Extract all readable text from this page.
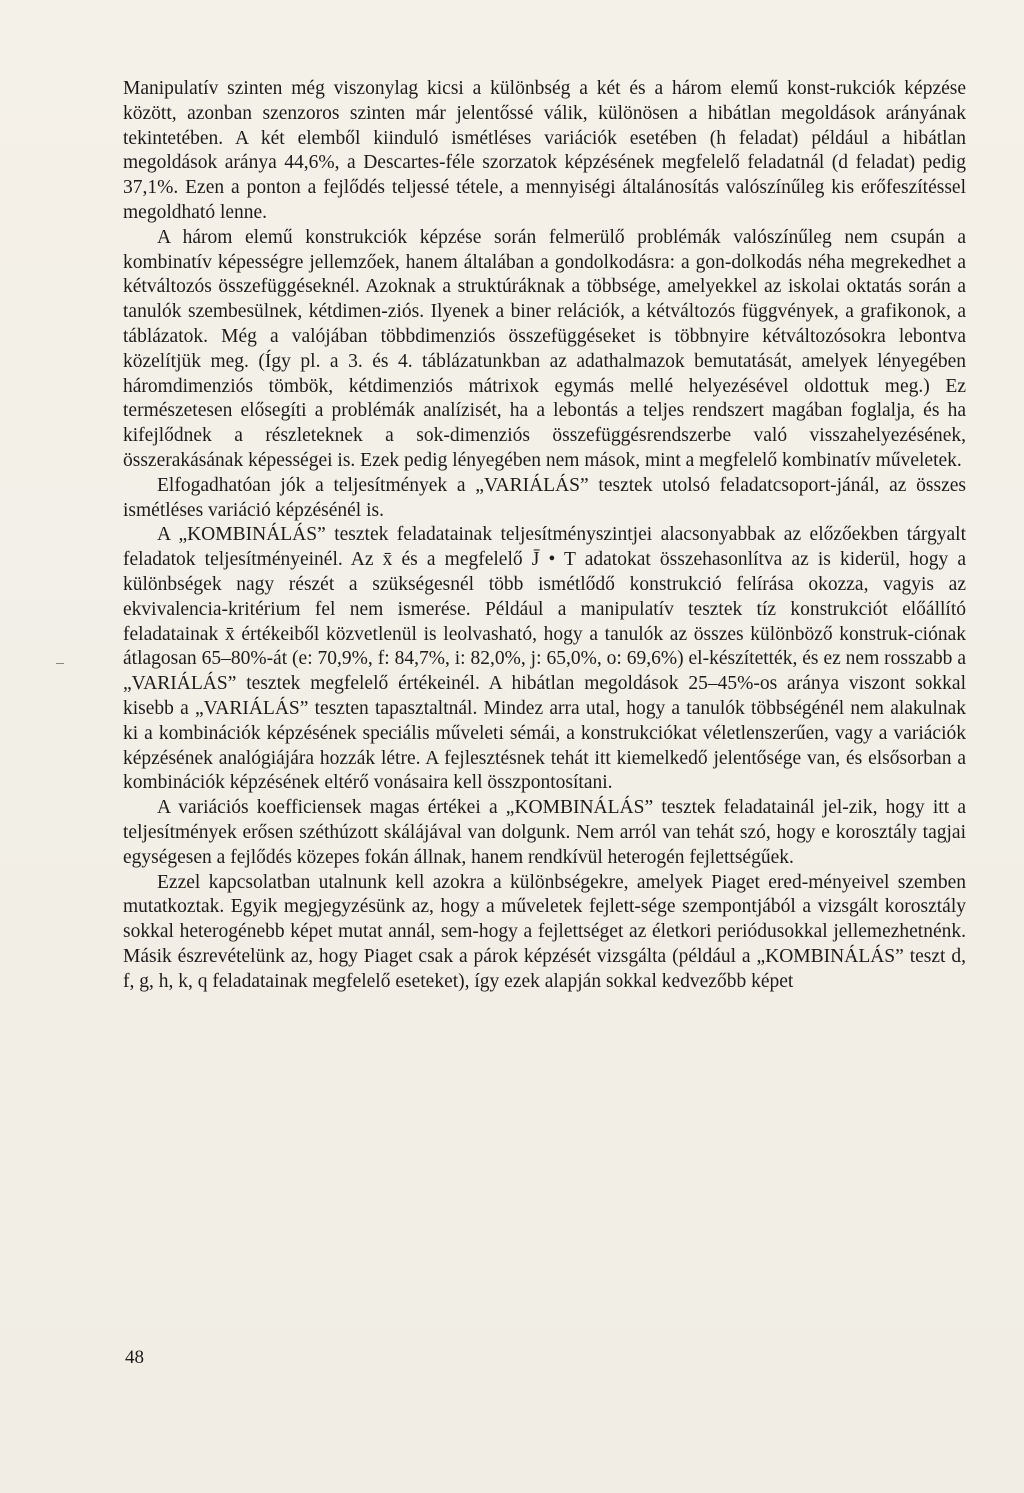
Manipulatív szinten még viszonylag kicsi a különbség a két és a három elemű konst-rukciók képzése között, azonban szenzoros szinten már jelentőssé válik, különösen a hibátlan megoldások arányának tekintetében. A két elemből kiinduló ismétléses variációk esetében (h feladat) például a hibátlan megoldások aránya 44,6%, a Descartes-féle szorzatok képzésének megfelelő feladatnál (d feladat) pedig 37,1%. Ezen a ponton a fejlődés teljessé tétele, a mennyiségi általánosítás valószínűleg kis erőfeszítéssel megoldható lenne.

A három elemű konstrukciók képzése során felmerülő problémák valószínűleg nem csupán a kombinatív képességre jellemzőek, hanem általában a gondolkodásra: a gon-dolkodás néha megrekedhet a kétváltozós összefüggéseknél. Azoknak a struktúráknak a többsége, amelyekkel az iskolai oktatás során a tanulók szembesülnek, kétdimen-ziós. Ilyenek a biner relációk, a kétváltozós függvények, a grafikonok, a táblázatok. Még a valójában többdimenziós összefüggéseket is többnyire kétváltozósokra lebontva közelítjük meg. (Így pl. a 3. és 4. táblázatunkban az adathalmazok bemutatását, amelyek lényegében háromdimenziós tömbök, kétdimenziós mátrixok egymás mellé helyezésével oldottuk meg.) Ez természetesen elősegíti a problémák analízisét, ha a lebontás a teljes rendszert magában foglalja, és ha kifejlődnek a részleteknek a sok-dimenziós összefüggésrendszerbe való visszahelyezésének, összerakásának képességei is. Ezek pedig lényegében nem mások, mint a megfelelő kombinatív műveletek.

Elfogadhatóan jók a teljesítmények a „VARIÁLÁS” tesztek utolsó feladatcsoport-jánál, az összes ismétléses variáció képzésénél is.

A „KOMBINÁLÁS” tesztek feladatainak teljesítményszintjei alacsonyabbak az előzőekben tárgyalt feladatok teljesítményeinél. Az x̄ és a megfelelő J̄ • T adatokat összehasonlítva az is kiderül, hogy a különbségek nagy részét a szükségesnél több ismétlődő konstrukció felírása okozza, vagyis az ekvivalencia-kritérium fel nem ismerése. Például a manipulatív tesztek tíz konstrukciót előállító feladatainak x̄ értékeiből közvetlenül is leolvasható, hogy a tanulók az összes különböző konstruk-ciónak átlagosan 65–80%-át (e: 70,9%, f: 84,7%, i: 82,0%, j: 65,0%, o: 69,6%) el-készítették, és ez nem rosszabb a „VARIÁLÁS” tesztek megfelelő értékeinél. A hibátlan megoldások 25–45%-os aránya viszont sokkal kisebb a „VARIÁLÁS” teszten tapasztaltnál. Mindez arra utal, hogy a tanulók többségénél nem alakulnak ki a kombinációk képzésének speciális műveleti sémái, a konstrukciókat véletlenszerűen, vagy a variációk képzésének analógiájára hozzák létre. A fejlesztésnek tehát itt kiemelkedő jelentősége van, és elsősorban a kombinációk képzésének eltérő vonásaira kell összpontosítani.

A variációs koefficiensek magas értékei a „KOMBINÁLÁS” tesztek feladatainál jel-zik, hogy itt a teljesítmények erősen széthúzott skálájával van dolgunk. Nem arról van tehát szó, hogy e korosztály tagjai egységesen a fejlődés közepes fokán állnak, hanem rendkívül heterogén fejlettségűek.

Ezzel kapcsolatban utalnunk kell azokra a különbségekre, amelyek Piaget ered-ményeivel szemben mutatkoztak. Egyik megjegyzésünk az, hogy a műveletek fejlett-sége szempontjából a vizsgált korosztály sokkal heterogénebb képet mutat annál, sem-hogy a fejlettséget az életkori periódusokkal jellemezhetnénk. Másik észrevételünk az, hogy Piaget csak a párok képzését vizsgálta (például a „KOMBINÁLÁS” teszt d, f, g, h, k, q feladatainak megfelelő eseteket), így ezek alapján sokkal kedvezőbb képet

48
